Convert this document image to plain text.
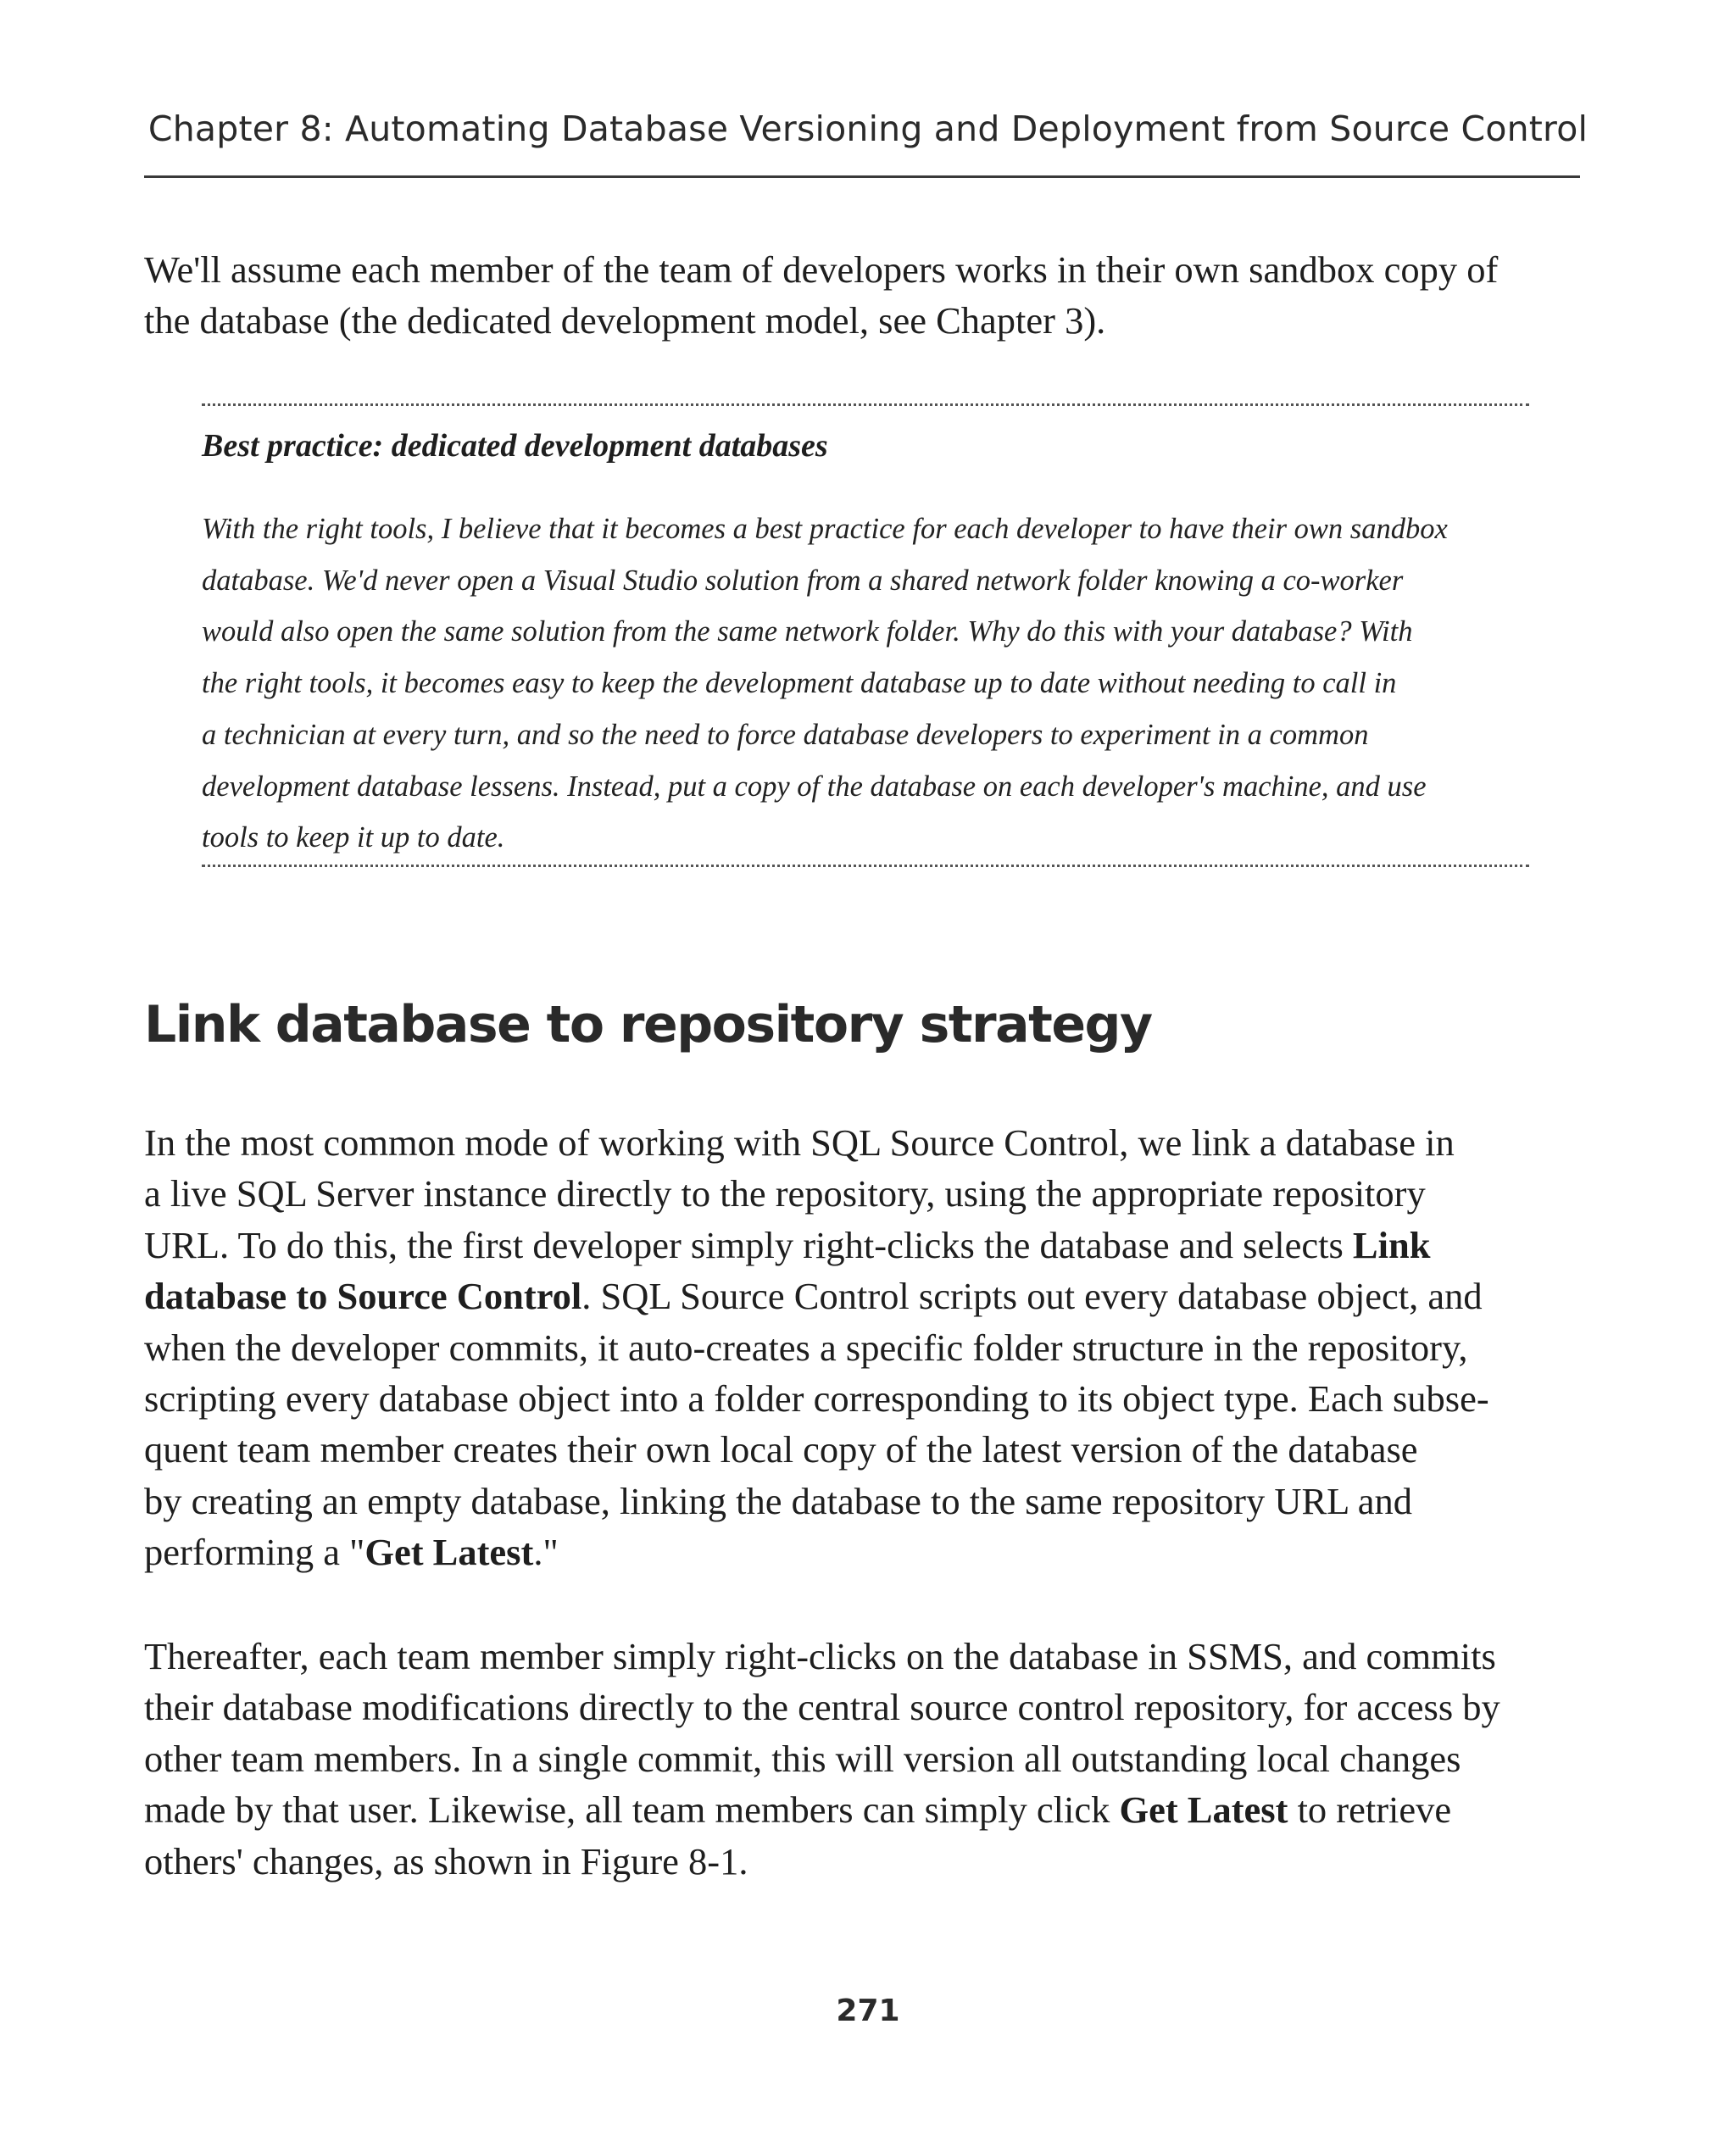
Chapter 8: Automating Database Versioning and Deployment from Source Control

We'll assume each member of the team of developers works in their own sandbox copy of
the database (the dedicated development model, see Chapter 3).

Best practice: dedicated development databases

With the right tools, I believe that it becomes a best practice for each developer to have their own sandbox
database. We'd never open a Visual Studio solution from a shared network folder knowing a co-worker
would also open the same solution from the same network folder. Why do this with your database? With
the right tools, it becomes easy to keep the development database up to date without needing to call in
a technician at every turn, and so the need to force database developers to experiment in a common
development database lessens. Instead, put a copy of the database on each developer's machine, and use
tools to keep it up to date.

Link database to repository strategy

In the most common mode of working with SQL Source Control, we link a database in
a live SQL Server instance directly to the repository, using the appropriate repository
URL. To do this, the first developer simply right-clicks the database and selects Link
database to Source Control. SQL Source Control scripts out every database object, and
when the developer commits, it auto-creates a specific folder structure in the repository,
scripting every database object into a folder corresponding to its object type. Each subse-
quent team member creates their own local copy of the latest version of the database
by creating an empty database, linking the database to the same repository URL and
performing a "Get Latest."

Thereafter, each team member simply right-clicks on the database in SSMS, and commits
their database modifications directly to the central source control repository, for access by
other team members. In a single commit, this will version all outstanding local changes
made by that user. Likewise, all team members can simply click Get Latest to retrieve
others' changes, as shown in Figure 8-1.

271
